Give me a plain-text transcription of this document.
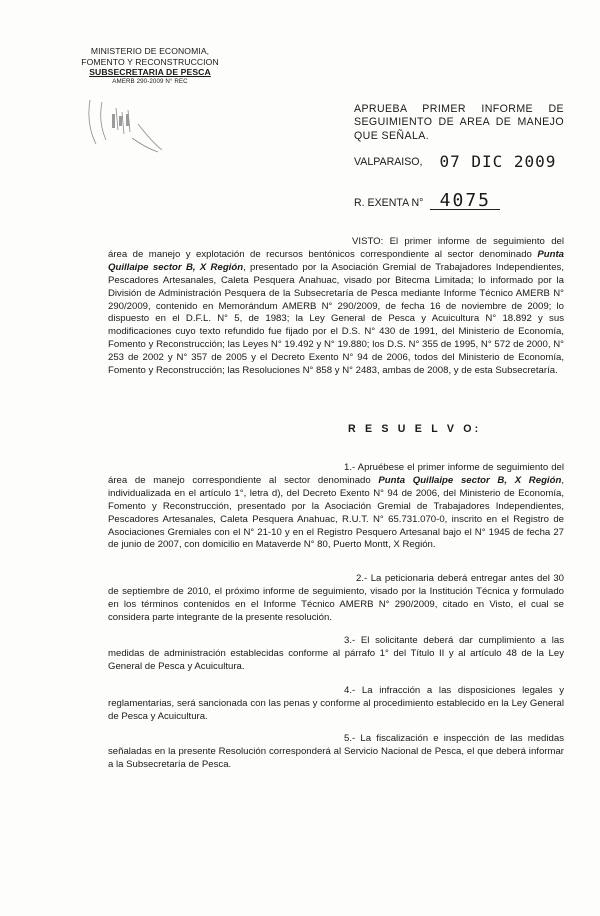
MINISTERIO DE ECONOMIA,
FOMENTO Y RECONSTRUCCION
SUBSECRETARIA DE PESCA
AMERB 290-2009 N° REC
APRUEBA PRIMER INFORME DE SEGUIMIENTO DE AREA DE MANEJO QUE SEÑALA.
VALPARAISO, 07 DIC 2009
R. EXENTA N° 4075
VISTO: El primer informe de seguimiento del área de manejo y explotación de recursos bentónicos correspondiente al sector denominado Punta Quillaipe sector B, X Región, presentado por la Asociación Gremial de Trabajadores Independientes, Pescadores Artesanales, Caleta Pesquera Anahuac, visado por Bitecma Limitada; lo informado por la División de Administración Pesquera de la Subsecretaría de Pesca mediante Informe Técnico AMERB N° 290/2009, contenido en Memorándum AMERB N° 290/2009, de fecha 16 de noviembre de 2009; lo dispuesto en el D.F.L. N° 5, de 1983; la Ley General de Pesca y Acuicultura N° 18.892 y sus modificaciones cuyo texto refundido fue fijado por el D.S. N° 430 de 1991, del Ministerio de Economía, Fomento y Reconstrucción; las Leyes N° 19.492 y N° 19.880; los D.S. N° 355 de 1995, N° 572 de 2000, N° 253 de 2002 y N° 357 de 2005 y el Decreto Exento N° 94 de 2006, todos del Ministerio de Economía, Fomento y Reconstrucción; las Resoluciones N° 858 y N° 2483, ambas de 2008, y de esta Subsecretaría.
R E S U E L V O:
1.- Apruébese el primer informe de seguimiento del área de manejo correspondiente al sector denominado Punta Quillaipe sector B, X Región, individualizada en el artículo 1°, letra d), del Decreto Exento N° 94 de 2006, del Ministerio de Economía, Fomento y Reconstrucción, presentado por la Asociación Gremial de Trabajadores Independientes, Pescadores Artesanales, Caleta Pesquera Anahuac, R.U.T. N° 65.731.070-0, inscrito en el Registro de Asociaciones Gremiales con el N° 21-10 y en el Registro Pesquero Artesanal bajo el N° 1945 de fecha 27 de junio de 2007, con domicilio en Mataverde N° 80, Puerto Montt, X Región.
2.- La peticionaria deberá entregar antes del 30 de septiembre de 2010, el próximo informe de seguimiento, visado por la Institución Técnica y formulado en los términos contenidos en el Informe Técnico AMERB N° 290/2009, citado en Visto, el cual se considera parte integrante de la presente resolución.
3.- El solicitante deberá dar cumplimiento a las medidas de administración establecidas conforme al párrafo 1° del Título II y al artículo 48 de la Ley General de Pesca y Acuicultura.
4.- La infracción a las disposiciones legales y reglamentarias, será sancionada con las penas y conforme al procedimiento establecido en la Ley General de Pesca y Acuicultura.
5.- La fiscalización e inspección de las medidas señaladas en la presente Resolución corresponderá al Servicio Nacional de Pesca, el que deberá informar a la Subsecretaría de Pesca.
